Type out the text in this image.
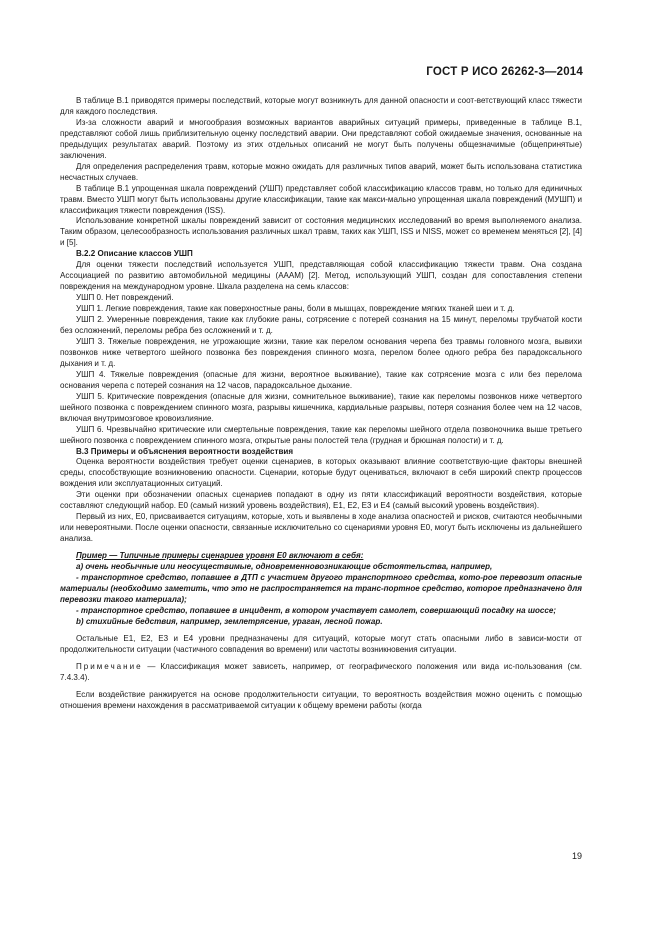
ГОСТ Р ИСО 26262-3—2014

В таблице В.1 приводятся примеры последствий, которые могут возникнуть для данной опасности и соот-ветствующий класс тяжести для каждого последствия.

Из-за сложности аварий и многообразия возможных вариантов аварийных ситуаций примеры, приведенные в таблице В.1, представляют собой лишь приблизительную оценку последствий аварии. Они представляют собой ожидаемые значения, основанные на предыдущих результатах аварий. Поэтому из этих отдельных описаний не могут быть получены общезначимые (общепринятые) заключения.

Для определения распределения травм, которые можно ожидать для различных типов аварий, может быть использована статистика несчастных случаев.

В таблице В.1 упрощенная шкала повреждений (УШП) представляет собой классификацию классов травм, но только для единичных травм. Вместо УШП могут быть использованы другие классификации, такие как макси-мально упрощенная шкала повреждений (МУШП) и классификация тяжести повреждения (ISS).

Использование конкретной шкалы повреждений зависит от состояния медицинских исследований во время выполняемого анализа. Таким образом, целесообразность использования различных шкал травм, таких как УШП, ISS и NISS, может со временем меняться [2], [4] и [5].

В.2.2 Описание классов УШП

Для оценки тяжести последствий используется УШП, представляющая собой классификацию тяжести травм. Она создана Ассоциацией по развитию автомобильной медицины (AAAM) [2]. Метод, использующий УШП, создан для сопоставления степени повреждения на международном уровне. Шкала разделена на семь классов:

УШП 0. Нет повреждений.

УШП 1. Легкие повреждения, такие как поверхностные раны, боли в мышцах, повреждение мягких тканей шеи и т. д.

УШП 2. Умеренные повреждения, такие как глубокие раны, сотрясение с потерей сознания на 15 минут, переломы трубчатой кости без осложнений, переломы ребра без осложнений и т. д.

УШП 3. Тяжелые повреждения, не угрожающие жизни, такие как перелом основания черепа без травмы головного мозга, вывихи позвонков ниже четвертого шейного позвонка без повреждения спинного мозга, перелом более одного ребра без парадоксального дыхания и т. д.

УШП 4. Тяжелые повреждения (опасные для жизни, вероятное выживание), такие как сотрясение мозга с или без перелома основания черепа с потерей сознания на 12 часов, парадоксальное дыхание.

УШП 5. Критические повреждения (опасные для жизни, сомнительное выживание), такие как переломы позвонков ниже четвертого шейного позвонка с повреждением спинного мозга, разрывы кишечника, кардиальные разрывы, потеря сознания более чем на 12 часов, включая внутримозговое кровоизлияние.

УШП 6. Чрезвычайно критические или смертельные повреждения, такие как переломы шейного отдела позвоночника выше третьего шейного позвонка с повреждением спинного мозга, открытые раны полостей тела (грудная и брюшная полости) и т. д.

В.3 Примеры и объяснения вероятности воздействия

Оценка вероятности воздействия требует оценки сценариев, в которых оказывают влияние соответствую-щие факторы внешней среды, способствующие возникновению опасности. Сценарии, которые будут оцениваться, включают в себя широкий спектр процессов вождения или эксплуатационных ситуаций.

Эти оценки при обозначении опасных сценариев попадают в одну из пяти классификаций вероятности воздействия, которые составляют следующий набор. Е0 (самый низкий уровень воздействия), Е1, Е2, Е3 и Е4 (самый высокий уровень воздействия).

Первый из них, Е0, присваивается ситуациям, которые, хоть и выявлены в ходе анализа опасностей и рисков, считаются необычными или невероятными. После оценки опасности, связанные исключительно со сценариями уровня Е0, могут быть исключены из дальнейшего анализа.

Пример — Типичные примеры сценариев уровня Е0 включают в себя:

а) очень необычные или неосуществимые, одновременновозникающие обстоятельства, например,

- транспортное средство, попавшее в ДТП с участием другого транспортного средства, кото-рое перевозит опасные материалы (необходимо заметить, что это не распространяется на транс-портное средство, которое предназначено для перевозки такого материала);

- транспортное средство, попавшее в инцидент, в котором участвует самолет, совершающий посадку на шоссе;

b) стихийные бедствия, например, землетрясение, ураган, лесной пожар.

Остальные Е1, Е2, Е3 и Е4 уровни предназначены для ситуаций, которые могут стать опасными либо в зависи-мости от продолжительности ситуации (частичного совпадения во времени) или частоты возникновения ситуации.

Примечание — Классификация может зависеть, например, от географического положения или вида ис-пользования (см. 7.4.3.4).

Если воздействие ранжируется на основе продолжительности ситуации, то вероятность воздействия можно оценить с помощью отношения времени нахождения в рассматриваемой ситуации к общему времени работы (когда

19
